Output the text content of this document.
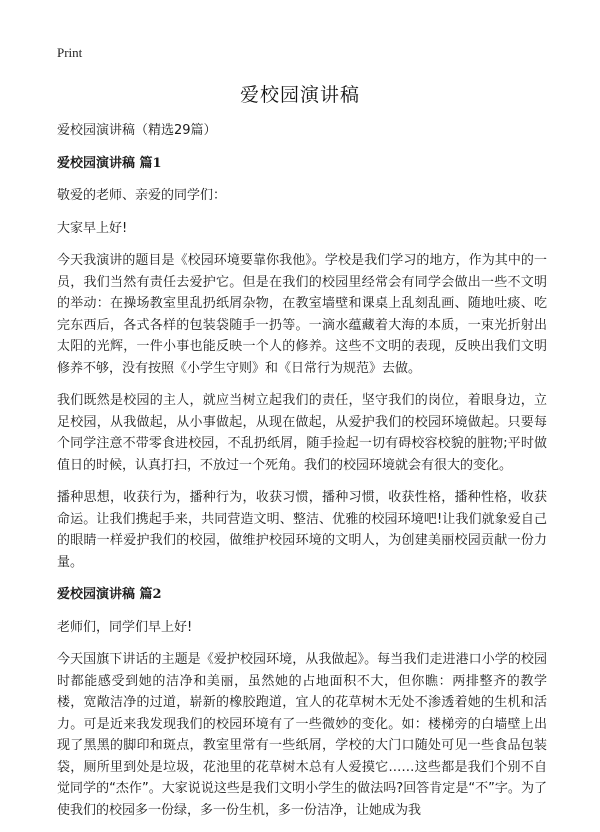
Print
爱校园演讲稿

爱校园演讲稿（精选29篇）

爱校园演讲稿 篇1

敬爱的老师、亲爱的同学们：

大家早上好!

今天我演讲的题目是《校园环境要靠你我他》。学校是我们学习的地方，作为其中的一员，我们当然有责任去爱护它。但是在我们的校园里经常会有同学会做出一些不文明的举动：在操场教室里乱扔纸屑杂物，在教室墙壁和课桌上乱刻乱画、随地吐痰、吃完东西后，各式各样的包装袋随手一扔等。一滴水蕴藏着大海的本质，一束光折射出太阳的光辉，一件小事也能反映一个人的修养。这些不文明的表现，反映出我们文明修养不够，没有按照《小学生守则》和《日常行为规范》去做。

我们既然是校园的主人，就应当树立起我们的责任，坚守我们的岗位，着眼身边，立足校园，从我做起，从小事做起，从现在做起，从爱护我们的校园环境做起。只要每个同学注意不带零食进校园，不乱扔纸屑，随手捡起一切有碍校容校貌的脏物;平时做值日的时候，认真打扫，不放过一个死角。我们的校园环境就会有很大的变化。

播种思想，收获行为，播种行为，收获习惯，播种习惯，收获性格，播种性格，收获命运。让我们携起手来，共同营造文明、整洁、优雅的校园环境吧!让我们就象爱自己的眼睛一样爱护我们的校园，做维护校园环境的文明人，为创建美丽校园贡献一份力量。

爱校园演讲稿 篇2

老师们，同学们早上好!

今天国旗下讲话的主题是《爱护校园环境，从我做起》。每当我们走进港口小学的校园时都能感受到她的洁净和美丽，虽然她的占地面积不大，但你瞧：两排整齐的教学楼，宽敞洁净的过道，崭新的橡胶跑道，宜人的花草树木无处不渗透着她的生机和活力。可是近来我发现我们的校园环境有了一些微妙的变化。如：楼梯旁的白墙壁上出现了黑黑的脚印和斑点，教室里常有一些纸屑，学校的大门口随处可见一些食品包装袋，厕所里到处是垃圾，花池里的花草树木总有人爱摸它……这些都是我们个别不自觉同学的“杰作”。大家说说这些是我们文明小学生的做法吗?回答肯定是“不”字。为了使我们的校园多一份绿，多一份生机，多一份洁净，让她成为我
